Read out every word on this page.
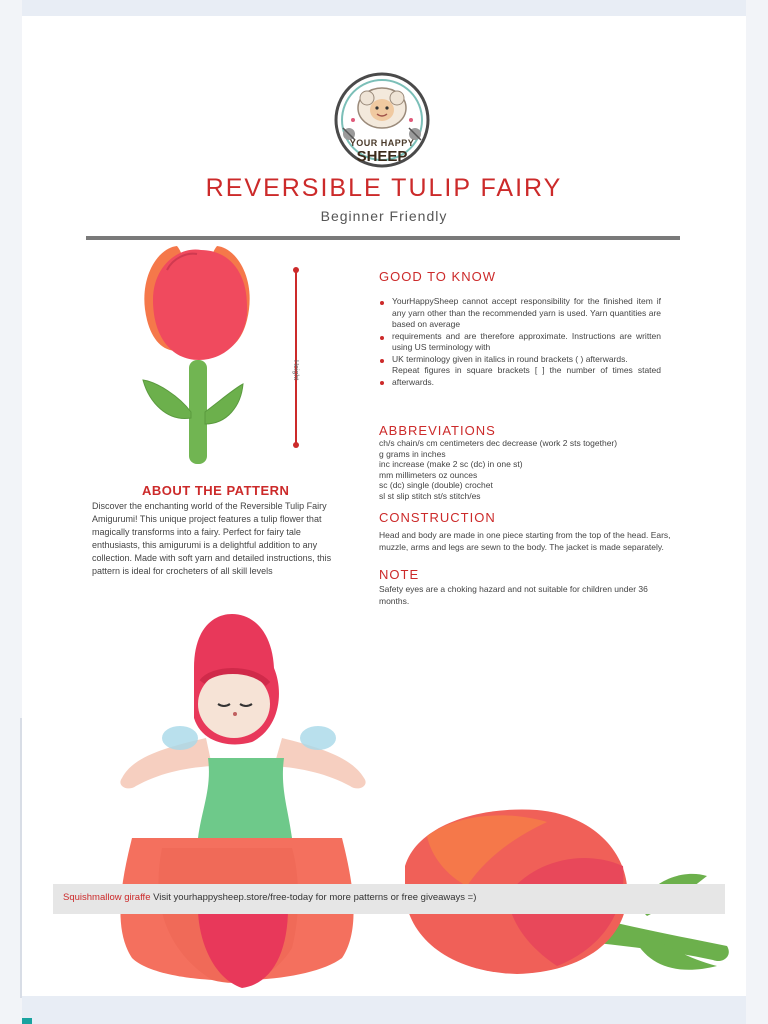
YOUR HAPPY
SHEEP
REVERSIBLE TULIP FAIRY
Beginner Friendly
Height
ABOUT THE PATTERN
Discover the enchanting world of the Reversible Tulip Fairy Amigurumi! This unique project features a tulip flower that magically transforms into a fairy. Perfect for fairy tale enthusiasts, this amigurumi is a delightful addition to any collection. Made with soft yarn and detailed instructions, this pattern is ideal for crocheters of all skill levels
GOOD TO KNOW
YourHappySheep cannot accept responsibility for the finished item if any yarn other than the recommended yarn is used. Yarn quantities are based on average
requirements and are therefore approximate. Instructions are written using US terminology with
UK terminology given in italics in round brackets ( ) afterwards.
Repeat figures in square brackets [ ] the number of times stated afterwards.
ABBREVIATIONS
ch/s chain/s cm centimeters dec decrease (work 2 sts together)
g grams in inches
inc increase (make 2 sc (dc) in one st)
mm millimeters oz ounces
sc (dc) single (double) crochet
sl st slip stitch st/s stitch/es
CONSTRUCTION
Head and body are made in one piece starting from the top of the head. Ears, muzzle, arms and legs are sewn to the body. The jacket is made separately.
NOTE
Safety eyes are a choking hazard and not suitable for children under 36 months.
Squishmallow giraffe Visit yourhappysheep.store/free-today for more patterns or free giveaways =)
